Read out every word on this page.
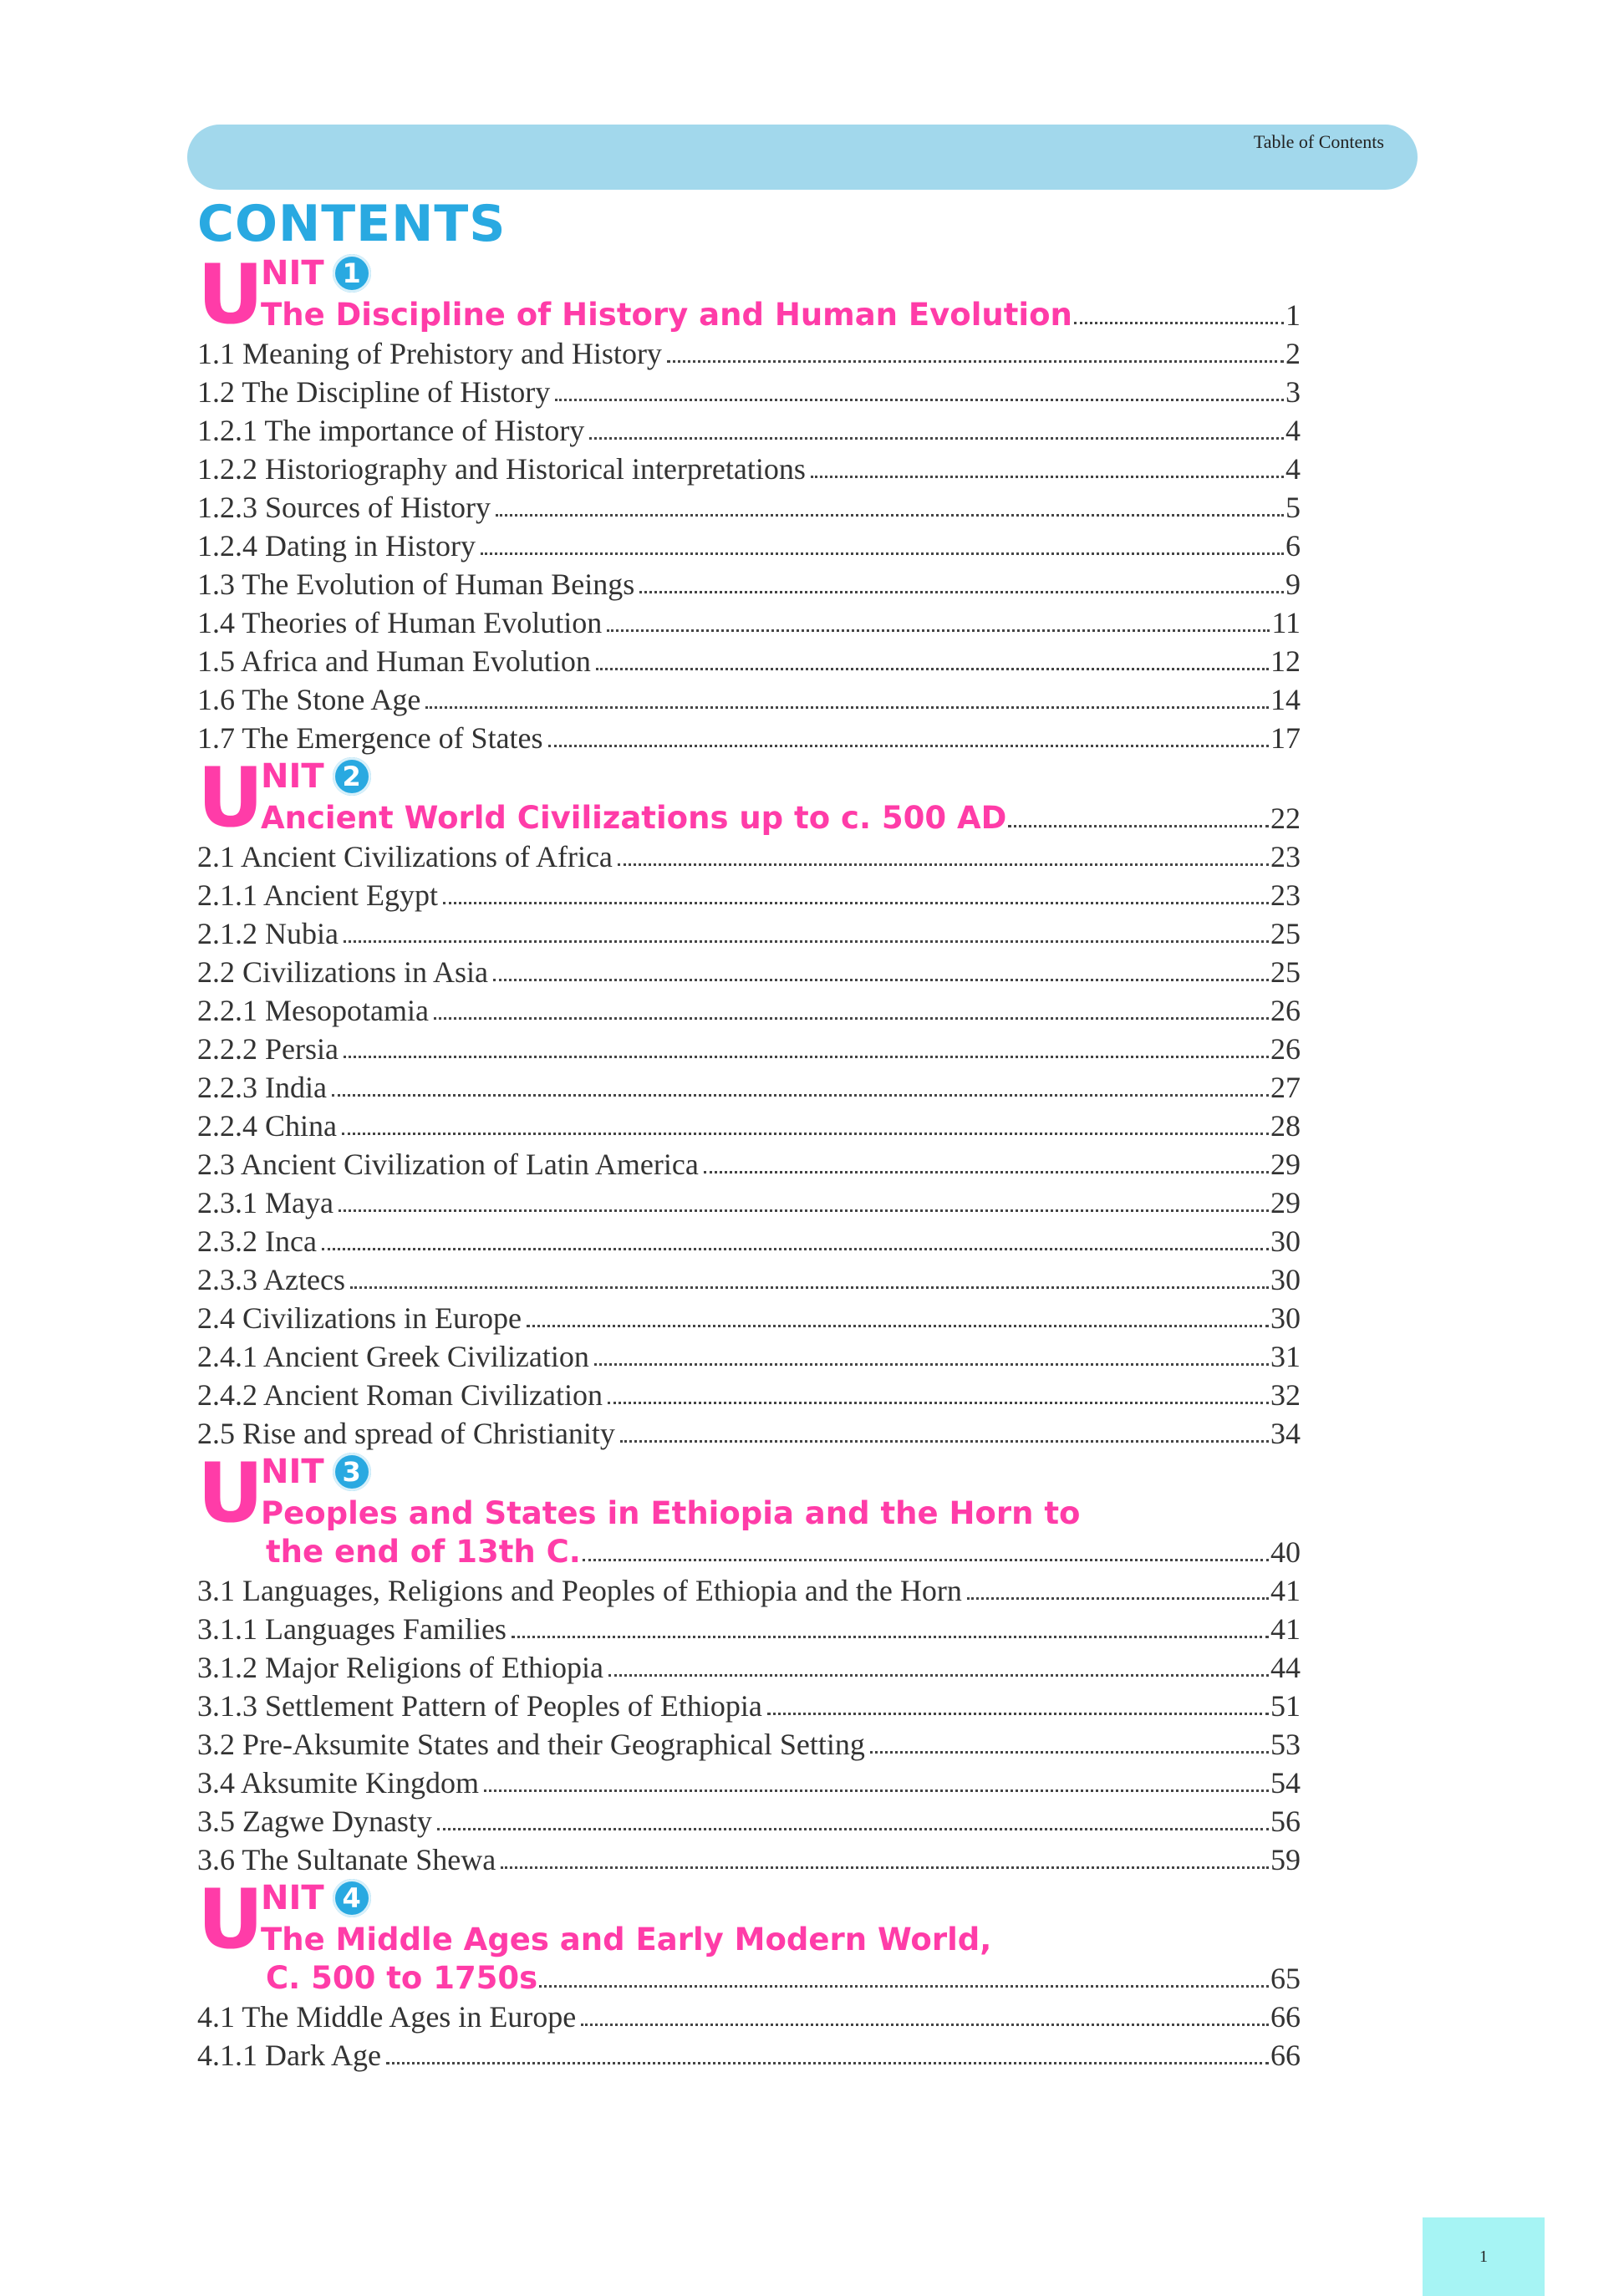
Table of Contents
CONTENTS
U
NIT 1
The Discipline of History and Human Evolution	1
1.1 Meaning of Prehistory and History	2
1.2 The Discipline of History	3
1.2.1 The importance of History	4
1.2.2 Historiography and Historical interpretations	4
1.2.3 Sources of History	5
1.2.4 Dating in History	6
1.3 The Evolution of Human Beings	9
1.4 Theories of Human Evolution	11
1.5 Africa and Human Evolution	12
1.6 The Stone Age	14
1.7 The Emergence of States	17
U
NIT 2
Ancient World Civilizations up to c. 500 AD	22
2.1 Ancient Civilizations of Africa	23
2.1.1 Ancient Egypt	23
2.1.2 Nubia	25
2.2 Civilizations in Asia	25
2.2.1 Mesopotamia	26
2.2.2 Persia	26
2.2.3 India	27
2.2.4 China	28
2.3 Ancient Civilization of Latin America	29
2.3.1 Maya	29
2.3.2 Inca	30
2.3.3 Aztecs	30
2.4 Civilizations in Europe	30
2.4.1 Ancient Greek Civilization	31
2.4.2 Ancient Roman Civilization	32
2.5 Rise and spread of Christianity	34
U
NIT 3
Peoples and States in Ethiopia and the Horn to
the end of 13th C.	40
3.1 Languages, Religions and Peoples of Ethiopia and the Horn	41
3.1.1 Languages Families	41
3.1.2 Major Religions of Ethiopia	44
3.1.3 Settlement Pattern of Peoples of Ethiopia	51
3.2 Pre-Aksumite States and their Geographical Setting	53
3.4 Aksumite Kingdom	54
3.5 Zagwe Dynasty	56
3.6 The Sultanate Shewa	59
U
NIT 4
The Middle Ages and Early Modern World,
C. 500 to 1750s	65
4.1 The Middle Ages in Europe	66
4.1.1 Dark Age	66
1
